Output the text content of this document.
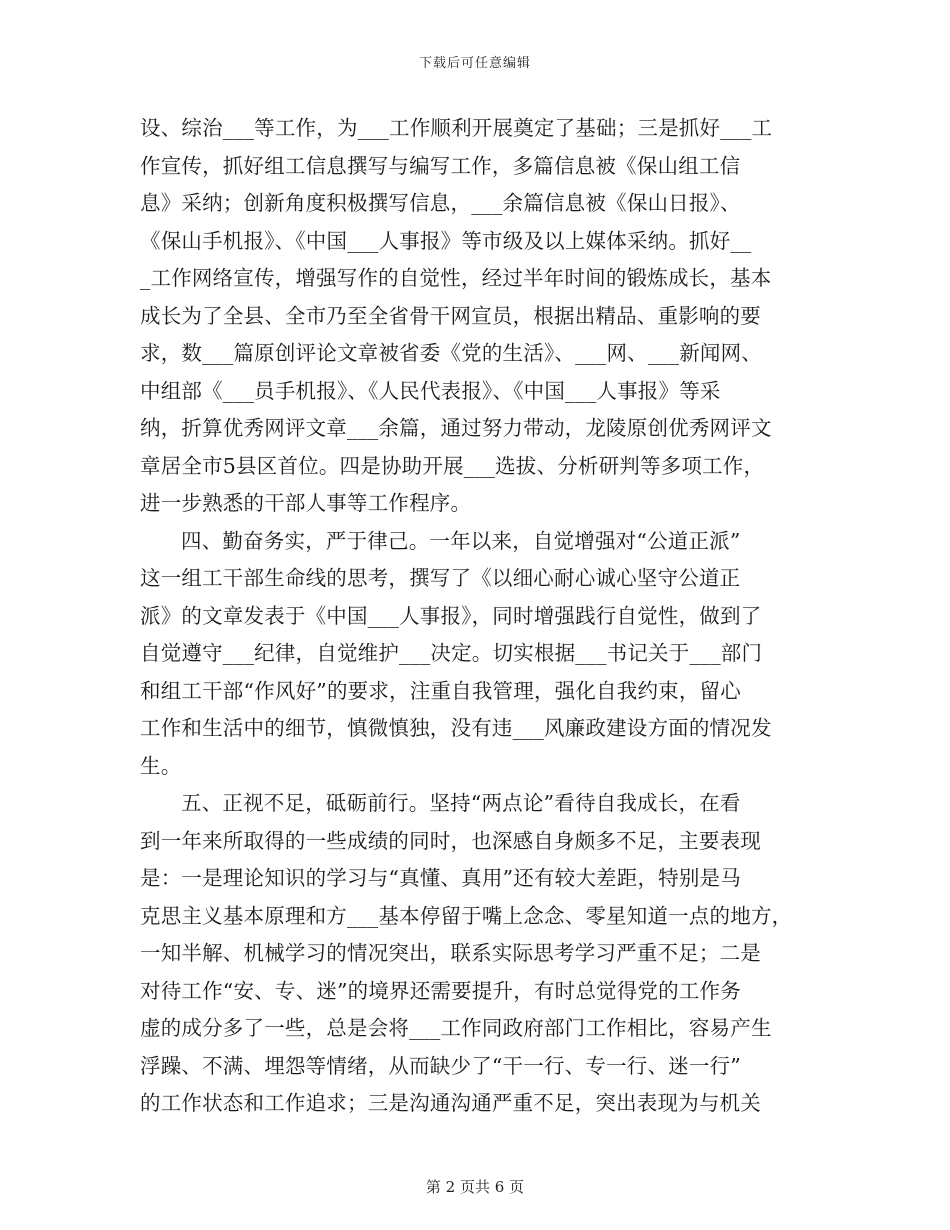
下载后可任意编辑
设、综治___等工作，为___工作顺利开展奠定了基础；三是抓好___工
作宣传，抓好组工信息撰写与编写工作，多篇信息被《保山组工信
息》采纳；创新角度积极撰写信息，___余篇信息被《保山日报》、
《保山手机报》、《中国___人事报》等市级及以上媒体采纳。抓好__
_工作网络宣传，增强写作的自觉性，经过半年时间的锻炼成长，基本
成长为了全县、全市乃至全省骨干网宣员，根据出精品、重影响的要
求，数___篇原创评论文章被省委《党的生活》、___网、___新闻网、
中组部《___员手机报》、《人民代表报》、《中国___人事报》等采
纳，折算优秀网评文章___余篇，通过努力带动，龙陵原创优秀网评文
章居全市5县区首位。四是协助开展___选拔、分析研判等多项工作，
进一步熟悉的干部人事等工作程序。
四、勤奋务实，严于律己。一年以来，自觉增强对“公道正派”
这一组工干部生命线的思考，撰写了《以细心耐心诚心坚守公道正
派》的文章发表于《中国___人事报》，同时增强践行自觉性，做到了
自觉遵守___纪律，自觉维护___决定。切实根据___书记关于___部门
和组工干部“作风好”的要求，注重自我管理，强化自我约束，留心
工作和生活中的细节，慎微慎独，没有违___风廉政建设方面的情况发
生。
五、正视不足，砥砺前行。坚持“两点论”看待自我成长，在看
到一年来所取得的一些成绩的同时，也深感自身颇多不足，主要表现
是：一是理论知识的学习与“真懂、真用”还有较大差距，特别是马
克思主义基本原理和方___基本停留于嘴上念念、零星知道一点的地方，
一知半解、机械学习的情况突出，联系实际思考学习严重不足；二是
对待工作“安、专、迷”的境界还需要提升，有时总觉得党的工作务
虚的成分多了一些，总是会将___工作同政府部门工作相比，容易产生
浮躁、不满、埋怨等情绪，从而缺少了“干一行、专一行、迷一行”
的工作状态和工作追求；三是沟通沟通严重不足，突出表现为与机关
第 2 页共 6 页
